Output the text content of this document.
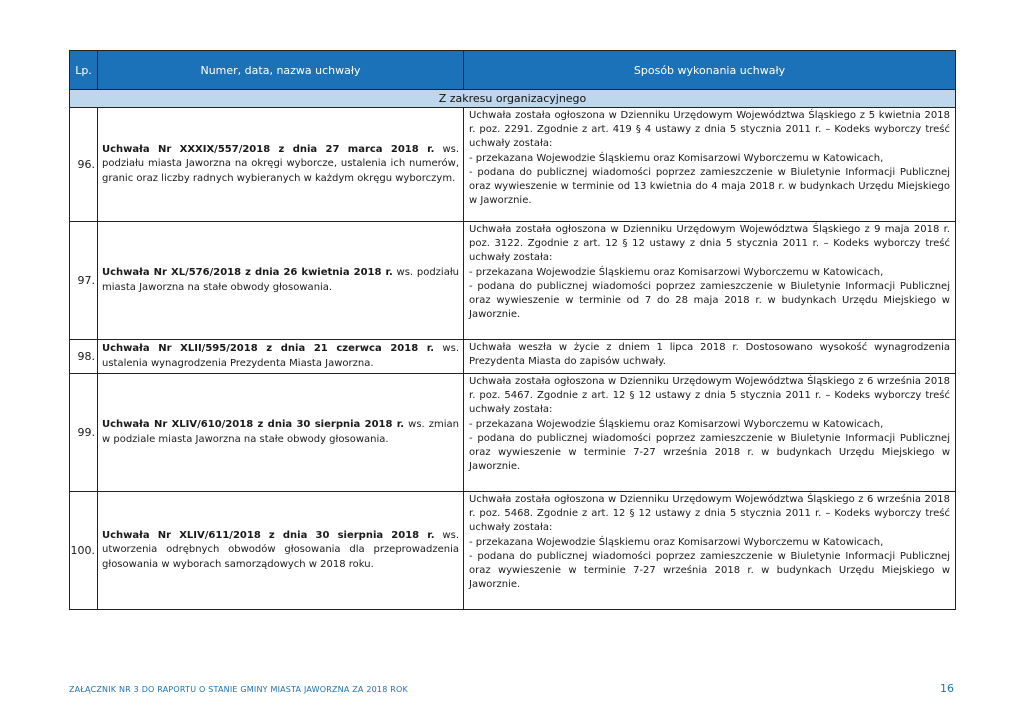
Lp.	Numer, data, nazwa uchwały	Sposób wykonania uchwały
Z zakresu organizacyjnego		
96.	Uchwała Nr XXXIX/557/2018 z dnia 27 marca 2018 r. ws. podziału miasta Jaworzna na okręgi wyborcze, ustalenia ich numerów, granic oraz liczby radnych wybieranych w każdym okręgu wyborczym.	Uchwała została ogłoszona w Dzienniku Urzędowym Województwa Śląskiego z 5 kwietnia 2018 r. poz. 2291. Zgodnie z art. 419 § 4 ustawy z dnia 5 stycznia 2011 r. – Kodeks wyborczy treść uchwały została:
- przekazana Wojewodzie Śląskiemu oraz Komisarzowi Wyborczemu w Katowicach,
- podana do publicznej wiadomości poprzez zamieszczenie w Biuletynie Informacji Publicznej oraz wywieszenie w terminie od 13 kwietnia do 4 maja 2018 r. w budynkach Urzędu Miejskiego w Jaworznie.

97.	Uchwała Nr XL/576/2018 z dnia 26 kwietnia 2018 r. ws. podziału miasta Jaworzna na stałe obwody głosowania.	Uchwała została ogłoszona w Dzienniku Urzędowym Województwa Śląskiego z 9 maja 2018 r. poz. 3122. Zgodnie z art. 12 § 12 ustawy z dnia 5 stycznia 2011 r. – Kodeks wyborczy treść uchwały została:
- przekazana Wojewodzie Śląskiemu oraz Komisarzowi Wyborczemu w Katowicach,
- podana do publicznej wiadomości poprzez zamieszczenie w Biuletynie Informacji Publicznej oraz wywieszenie w terminie od 7 do 28 maja 2018 r. w budynkach Urzędu Miejskiego w Jaworznie.

98.	Uchwała Nr XLII/595/2018 z dnia 21 czerwca 2018 r. ws. ustalenia wynagrodzenia Prezydenta Miasta Jaworzna.	Uchwała weszła w życie z dniem 1 lipca 2018 r. Dostosowano wysokość wynagrodzenia Prezydenta Miasta do zapisów uchwały.

99.	Uchwała Nr XLIV/610/2018 z dnia 30 sierpnia 2018 r. ws. zmian w podziale miasta Jaworzna na stałe obwody głosowania.	Uchwała została ogłoszona w Dzienniku Urzędowym Województwa Śląskiego z 6 września 2018 r. poz. 5467. Zgodnie z art. 12 § 12 ustawy z dnia 5 stycznia 2011 r. – Kodeks wyborczy treść uchwały została:
- przekazana Wojewodzie Śląskiemu oraz Komisarzowi Wyborczemu w Katowicach,
- podana do publicznej wiadomości poprzez zamieszczenie w Biuletynie Informacji Publicznej oraz wywieszenie w terminie 7-27 września 2018 r. w budynkach Urzędu Miejskiego w Jaworznie.

100.	Uchwała Nr XLIV/611/2018 z dnia 30 sierpnia 2018 r. ws. utworzenia odrębnych obwodów głosowania dla przeprowadzenia głosowania w wyborach samorządowych w 2018 roku.	Uchwała została ogłoszona w Dzienniku Urzędowym Województwa Śląskiego z 6 września 2018 r. poz. 5468. Zgodnie z art. 12 § 12 ustawy z dnia 5 stycznia 2011 r. – Kodeks wyborczy treść uchwały została:
- przekazana Wojewodzie Śląskiemu oraz Komisarzowi Wyborczemu w Katowicach,
- podana do publicznej wiadomości poprzez zamieszczenie w Biuletynie Informacji Publicznej oraz wywieszenie w terminie 7-27 września 2018 r. w budynkach Urzędu Miejskiego w Jaworznie.
ZAŁĄCZNIK NR 3 DO RAPORTU O STANIE GMINY MIASTA JAWORZNA ZA 2018 ROK	16
